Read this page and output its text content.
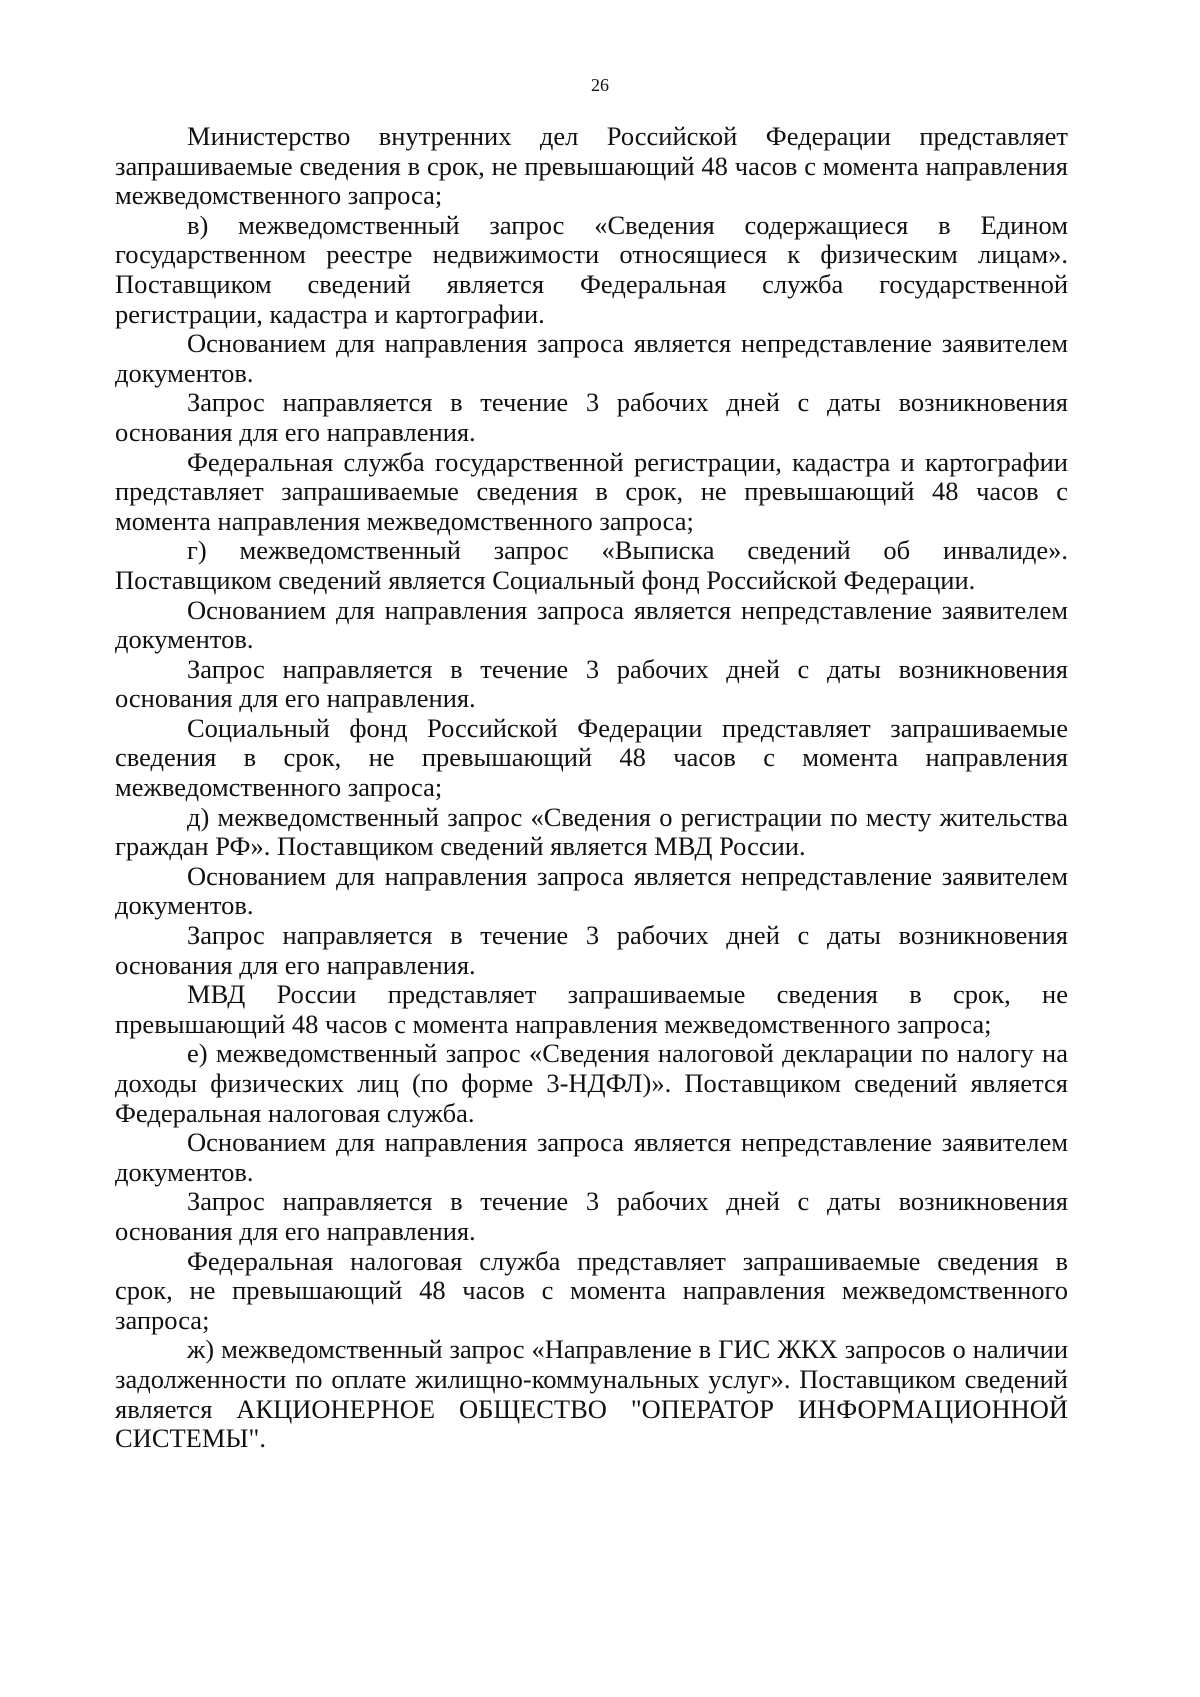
26

Министерство внутренних дел Российской Федерации представляет запрашиваемые сведения в срок, не превышающий 48 часов с момента направления межведомственного запроса;

в) межведомственный запрос «Сведения содержащиеся в Едином государственном реестре недвижимости относящиеся к физическим лицам». Поставщиком сведений является Федеральная служба государственной регистрации, кадастра и картографии.

Основанием для направления запроса является непредставление заявителем документов.

Запрос направляется в течение 3 рабочих дней с даты возникновения основания для его направления.

Федеральная служба государственной регистрации, кадастра и картографии представляет запрашиваемые сведения в срок, не превышающий 48 часов с момента направления межведомственного запроса;

г) межведомственный запрос «Выписка сведений об инвалиде». Поставщиком сведений является Социальный фонд Российской Федерации.

Основанием для направления запроса является непредставление заявителем документов.

Запрос направляется в течение 3 рабочих дней с даты возникновения основания для его направления.

Социальный фонд Российской Федерации представляет запрашиваемые сведения в срок, не превышающий 48 часов с момента направления межведомственного запроса;

д) межведомственный запрос «Сведения о регистрации по месту жительства граждан РФ». Поставщиком сведений является МВД России.

Основанием для направления запроса является непредставление заявителем документов.

Запрос направляется в течение 3 рабочих дней с даты возникновения основания для его направления.

МВД России представляет запрашиваемые сведения в срок, не превышающий 48 часов с момента направления межведомственного запроса;

е) межведомственный запрос «Сведения налоговой декларации по налогу на доходы физических лиц (по форме 3-НДФЛ)». Поставщиком сведений является Федеральная налоговая служба.

Основанием для направления запроса является непредставление заявителем документов.

Запрос направляется в течение 3 рабочих дней с даты возникновения основания для его направления.

Федеральная налоговая служба представляет запрашиваемые сведения в срок, не превышающий 48 часов с момента направления межведомственного запроса;

ж) межведомственный запрос «Направление в ГИС ЖКХ запросов о наличии задолженности по оплате жилищно-коммунальных услуг». Поставщиком сведений является АКЦИОНЕРНОЕ ОБЩЕСТВО "ОПЕРАТОР ИНФОРМАЦИОННОЙ СИСТЕМЫ".
